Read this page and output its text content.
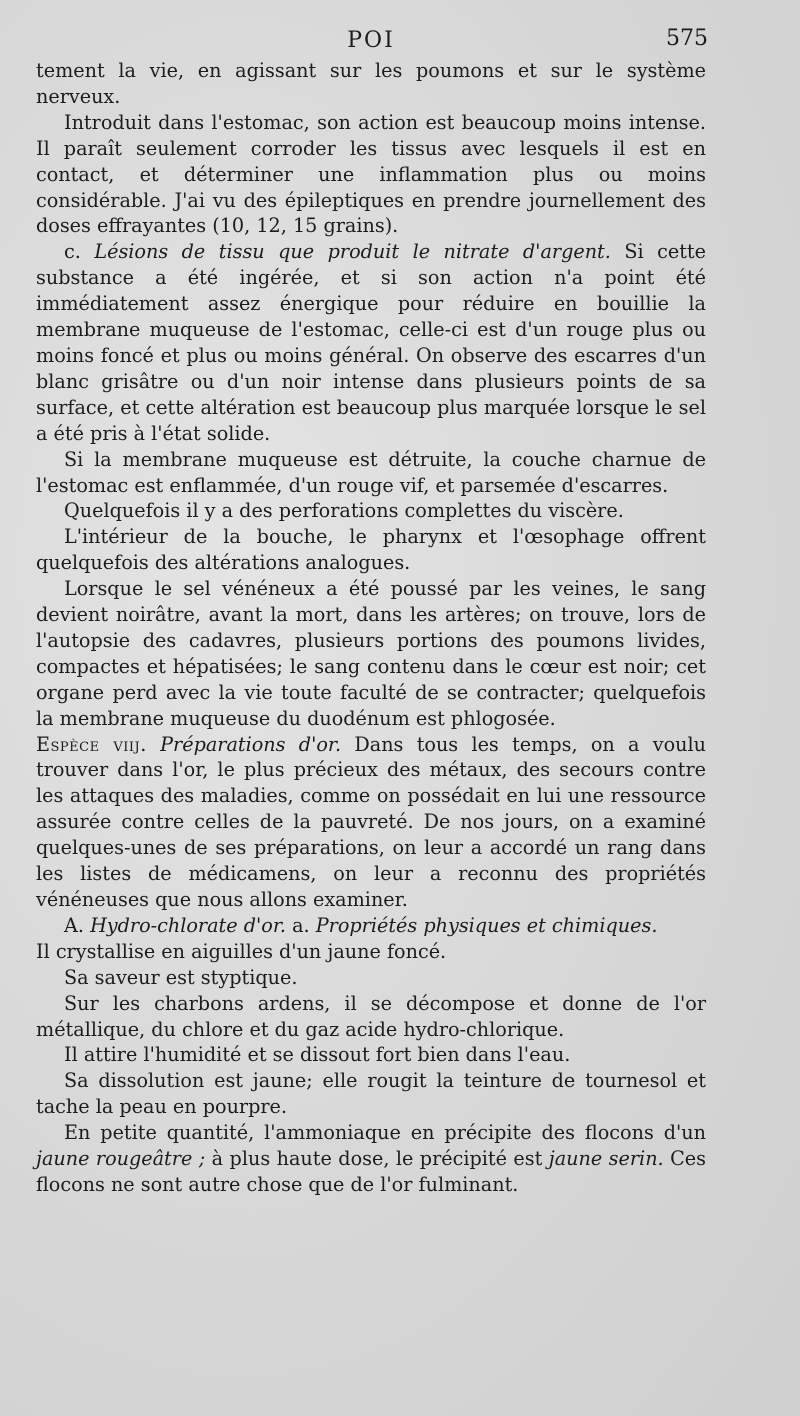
POI	575

tement la vie, en agissant sur les poumons et sur le système nerveux.

Introduit dans l'estomac, son action est beaucoup moins intense. Il paraît seulement corroder les tissus avec lesquels il est en contact, et déterminer une inflammation plus ou moins considérable. J'ai vu des épileptiques en prendre journellement des doses effrayantes (10, 12, 15 grains).

c. Lésions de tissu que produit le nitrate d'argent. Si cette substance a été ingérée, et si son action n'a point été immédiatement assez énergique pour réduire en bouillie la membrane muqueuse de l'estomac, celle-ci est d'un rouge plus ou moins foncé et plus ou moins général. On observe des escarres d'un blanc grisâtre ou d'un noir intense dans plusieurs points de sa surface, et cette altération est beaucoup plus marquée lorsque le sel a été pris à l'état solide.

Si la membrane muqueuse est détruite, la couche charnue de l'estomac est enflammée, d'un rouge vif, et parsemée d'escarres.

Quelquefois il y a des perforations complettes du viscère.

L'intérieur de la bouche, le pharynx et l'œsophage offrent quelquefois des altérations analogues.

Lorsque le sel vénéneux a été poussé par les veines, le sang devient noirâtre, avant la mort, dans les artères; on trouve, lors de l'autopsie des cadavres, plusieurs portions des poumons livides, compactes et hépatisées; le sang contenu dans le cœur est noir; cet organe perd avec la vie toute faculté de se contracter; quelquefois la membrane muqueuse du duodénum est phlogosée.

Espèce viij. Préparations d'or. Dans tous les temps, on a voulu trouver dans l'or, le plus précieux des métaux, des secours contre les attaques des maladies, comme on possédait en lui une ressource assurée contre celles de la pauvreté. De nos jours, on a examiné quelques-unes de ses préparations, on leur a accordé un rang dans les listes de médicamens, on leur a reconnu des propriétés vénéneuses que nous allons examiner.

A. Hydro-chlorate d'or. a. Propriétés physiques et chimiques.

Il crystallise en aiguilles d'un jaune foncé.

Sa saveur est styptique.

Sur les charbons ardens, il se décompose et donne de l'or métallique, du chlore et du gaz acide hydro-chlorique.

Il attire l'humidité et se dissout fort bien dans l'eau.

Sa dissolution est jaune; elle rougit la teinture de tournesol et tache la peau en pourpre.

En petite quantité, l'ammoniaque en précipite des flocons d'un jaune rougeâtre ; à plus haute dose, le précipité est jaune serin. Ces flocons ne sont autre chose que de l'or fulminant.
